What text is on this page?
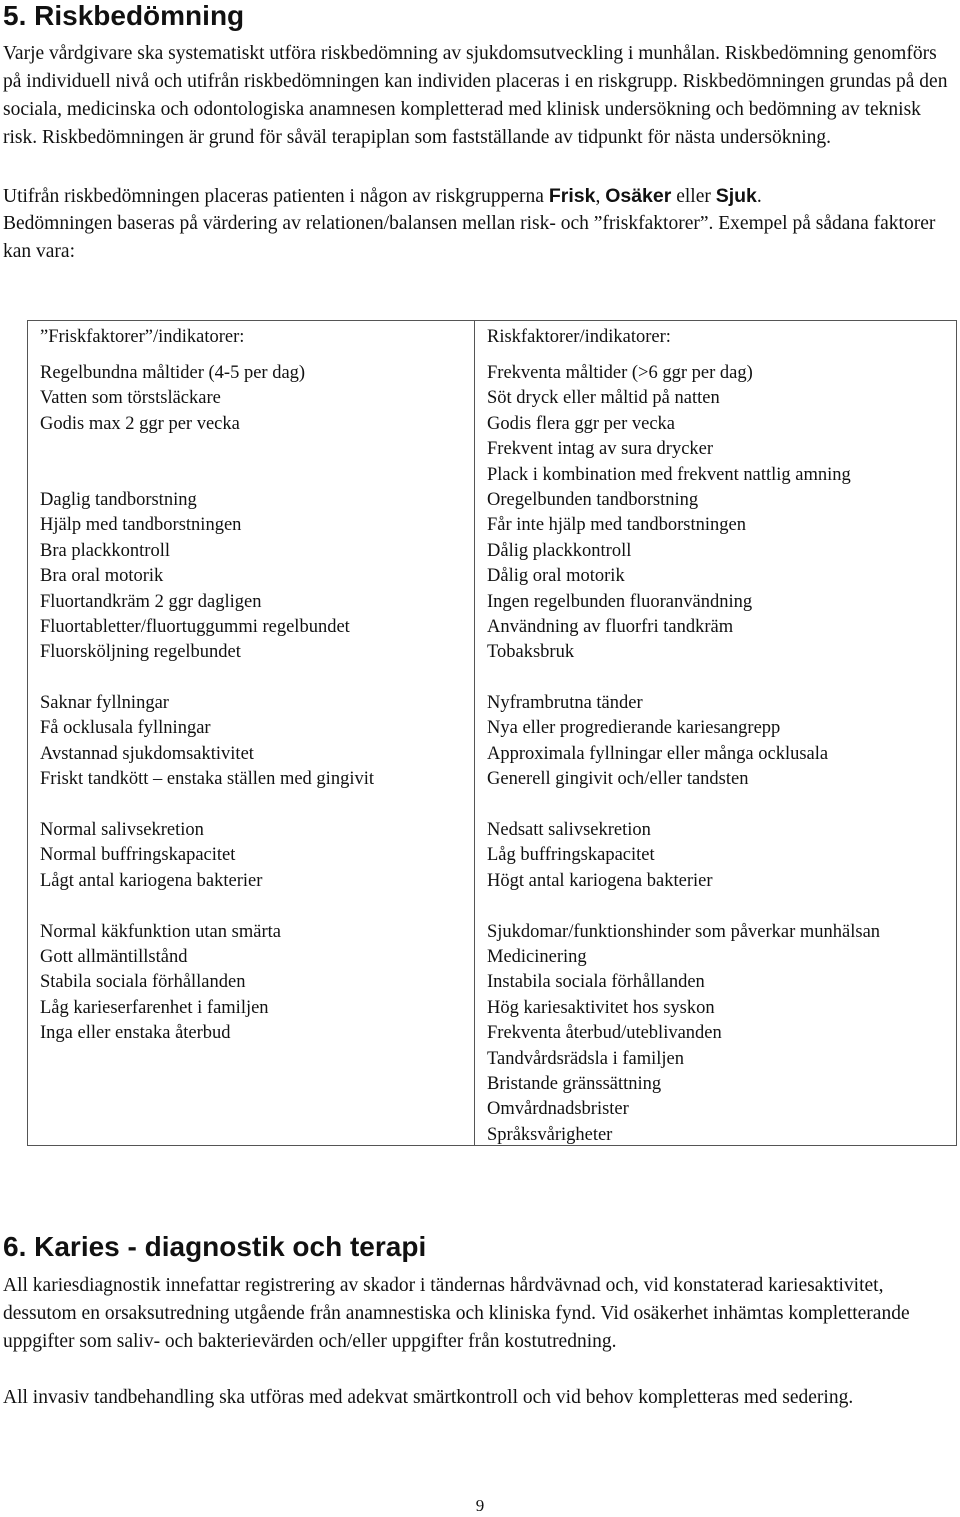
5. Riskbedömning

Varje vårdgivare ska systematiskt utföra riskbedömning av sjukdomsutveckling i munhålan. Riskbedömning genomförs på individuell nivå och utifrån riskbedömningen kan individen placeras i en riskgrupp. Riskbedömningen grundas på den sociala, medicinska och odontologiska anamnesen kompletterad med klinisk undersökning och bedömning av teknisk risk. Riskbedömningen är grund för såväl terapiplan som fastställande av tidpunkt för nästa undersökning.

Utifrån riskbedömningen placeras patienten i någon av riskgrupperna Frisk, Osäker eller Sjuk.

Bedömningen baseras på värdering av relationen/balansen mellan risk- och ”friskfaktorer”. Exempel på sådana faktorer kan vara:

”Friskfaktorer”/indikatorer:
Regelbundna måltider (4-5 per dag)
Vatten som törstsläckare
Godis max 2 ggr per vecka
Daglig tandborstning
Hjälp med tandborstningen
Bra plackkontroll
Bra oral motorik
Fluortandkräm 2 ggr dagligen
Fluortabletter/fluortuggummi regelbundet
Fluorsköljning regelbundet
Saknar fyllningar
Få ocklusala fyllningar
Avstannad sjukdomsaktivitet
Friskt tandkött – enstaka ställen med gingivit
Normal salivsekretion
Normal buffringskapacitet
Lågt antal kariogena bakterier
Normal käkfunktion utan smärta
Gott allmäntillstånd
Stabila sociala förhållanden
Låg karieserfarenhet i familjen
Inga eller enstaka återbud
Riskfaktorer/indikatorer:
Frekventa måltider (>6 ggr per dag)
Söt dryck eller måltid på natten
Godis flera ggr per vecka
Frekvent intag av sura drycker
Plack i kombination med frekvent nattlig amning
Oregelbunden tandborstning
Får inte hjälp med tandborstningen
Dålig plackkontroll
Dålig oral motorik
Ingen regelbunden fluoranvändning
Användning av fluorfri tandkräm
Tobaksbruk
Nyframbrutna tänder
Nya eller progredierande kariesangrepp
Approximala fyllningar eller många ocklusala
Generell gingivit och/eller tandsten
Nedsatt salivsekretion
Låg buffringskapacitet
Högt antal kariogena bakterier
Sjukdomar/funktionshinder som påverkar munhälsan
Medicinering
Instabila sociala förhållanden
Hög kariesaktivitet hos syskon
Frekventa återbud/uteblivanden
Tandvårdsrädsla i familjen
Bristande gränssättning
Omvårdnadsbrister
Språksvårigheter
6. Karies - diagnostik och terapi

All kariesdiagnostik innefattar registrering av skador i tändernas hårdvävnad och, vid konstaterad kariesaktivitet, dessutom en orsaksutredning utgående från anamnestiska och kliniska fynd. Vid osäkerhet inhämtas kompletterande uppgifter som saliv- och bakterievärden och/eller uppgifter från kostutredning.

All invasiv tandbehandling ska utföras med adekvat smärtkontroll och vid behov kompletteras med sedering.

9
